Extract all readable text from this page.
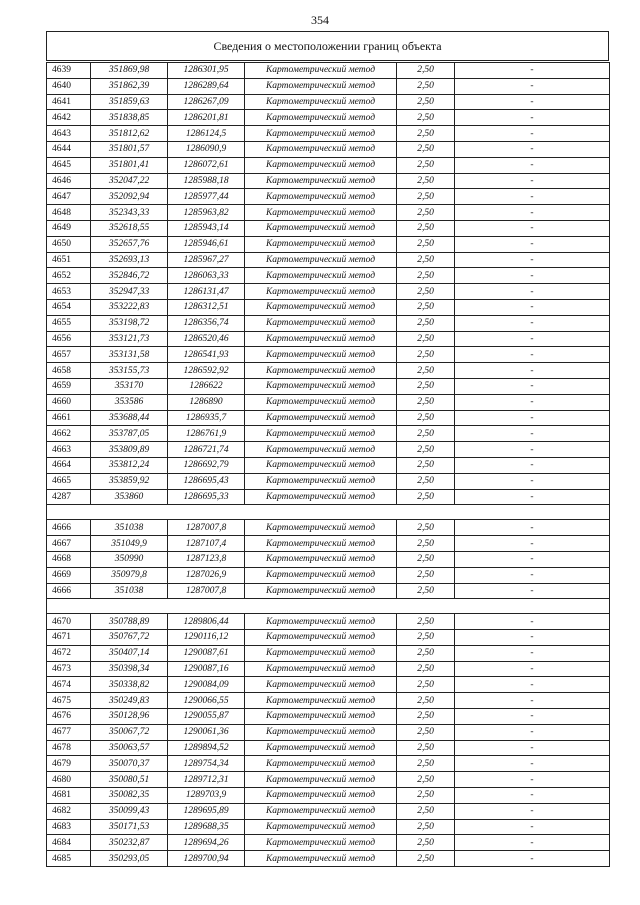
354
Сведения о местоположении границ объекта
4639	351869,98	1286301,95	Картометрический метод	2,50	-
4640	351862,39	1286289,64	Картометрический метод	2,50	-
4641	351859,63	1286267,09	Картометрический метод	2,50	-
4642	351838,85	1286201,81	Картометрический метод	2,50	-
4643	351812,62	1286124,5	Картометрический метод	2,50	-
4644	351801,57	1286090,9	Картометрический метод	2,50	-
4645	351801,41	1286072,61	Картометрический метод	2,50	-
4646	352047,22	1285988,18	Картометрический метод	2,50	-
4647	352092,94	1285977,44	Картометрический метод	2,50	-
4648	352343,33	1285963,82	Картометрический метод	2,50	-
4649	352618,55	1285943,14	Картометрический метод	2,50	-
4650	352657,76	1285946,61	Картометрический метод	2,50	-
4651	352693,13	1285967,27	Картометрический метод	2,50	-
4652	352846,72	1286063,33	Картометрический метод	2,50	-
4653	352947,33	1286131,47	Картометрический метод	2,50	-
4654	353222,83	1286312,51	Картометрический метод	2,50	-
4655	353198,72	1286356,74	Картометрический метод	2,50	-
4656	353121,73	1286520,46	Картометрический метод	2,50	-
4657	353131,58	1286541,93	Картометрический метод	2,50	-
4658	353155,73	1286592,92	Картометрический метод	2,50	-
4659	353170	1286622	Картометрический метод	2,50	-
4660	353586	1286890	Картометрический метод	2,50	-
4661	353688,44	1286935,7	Картометрический метод	2,50	-
4662	353787,05	1286761,9	Картометрический метод	2,50	-
4663	353809,89	1286721,74	Картометрический метод	2,50	-
4664	353812,24	1286692,79	Картометрический метод	2,50	-
4665	353859,92	1286695,43	Картометрический метод	2,50	-
4287	353860	1286695,33	Картометрический метод	2,50	-

4666	351038	1287007,8	Картометрический метод	2,50	-
4667	351049,9	1287107,4	Картометрический метод	2,50	-
4668	350990	1287123,8	Картометрический метод	2,50	-
4669	350979,8	1287026,9	Картометрический метод	2,50	-
4666	351038	1287007,8	Картометрический метод	2,50	-

4670	350788,89	1289806,44	Картометрический метод	2,50	-
4671	350767,72	1290116,12	Картометрический метод	2,50	-
4672	350407,14	1290087,61	Картометрический метод	2,50	-
4673	350398,34	1290087,16	Картометрический метод	2,50	-
4674	350338,82	1290084,09	Картометрический метод	2,50	-
4675	350249,83	1290066,55	Картометрический метод	2,50	-
4676	350128,96	1290055,87	Картометрический метод	2,50	-
4677	350067,72	1290061,36	Картометрический метод	2,50	-
4678	350063,57	1289894,52	Картометрический метод	2,50	-
4679	350070,37	1289754,34	Картометрический метод	2,50	-
4680	350080,51	1289712,31	Картометрический метод	2,50	-
4681	350082,35	1289703,9	Картометрический метод	2,50	-
4682	350099,43	1289695,89	Картометрический метод	2,50	-
4683	350171,53	1289688,35	Картометрический метод	2,50	-
4684	350232,87	1289694,26	Картометрический метод	2,50	-
4685	350293,05	1289700,94	Картометрический метод	2,50	-
